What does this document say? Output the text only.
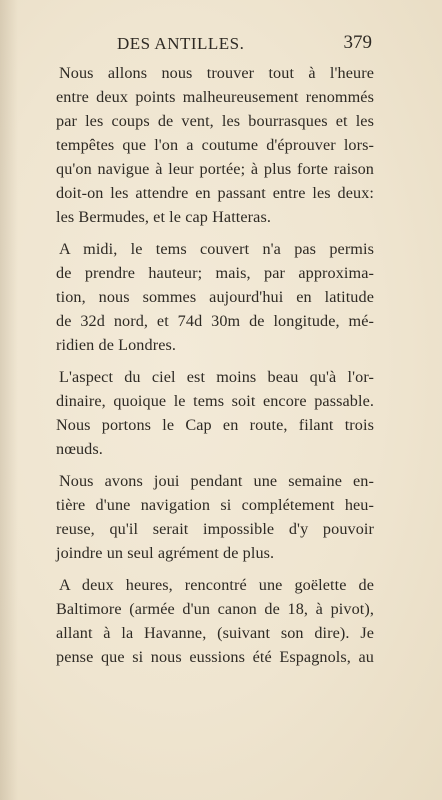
DES ANTILLES.	379
Nous allons nous trouver tout à l'heure
entre deux points malheureusement renommés
par les coups de vent, les bourrasques et les
tempêtes que l'on a coutume d'éprouver lors-
qu'on navigue à leur portée; à plus forte raison
doit-on les attendre en passant entre les deux:
les Bermudes, et le cap Hatteras.
A midi, le tems couvert n'a pas permis
de prendre hauteur; mais, par approxima-
tion, nous sommes aujourd'hui en latitude
de 32d nord, et 74d 30m de longitude, mé-
ridien de Londres.
L'aspect du ciel est moins beau qu'à l'or-
dinaire, quoique le tems soit encore passable.
Nous portons le Cap en route, filant trois
nœuds.
Nous avons joui pendant une semaine en-
tière d'une navigation si complétement heu-
reuse, qu'il serait impossible d'y pouvoir
joindre un seul agrément de plus.
A deux heures, rencontré une goëlette de
Baltimore (armée d'un canon de 18, à pivot),
allant à la Havanne, (suivant son dire). Je
pense que si nous eussions été Espagnols, au
